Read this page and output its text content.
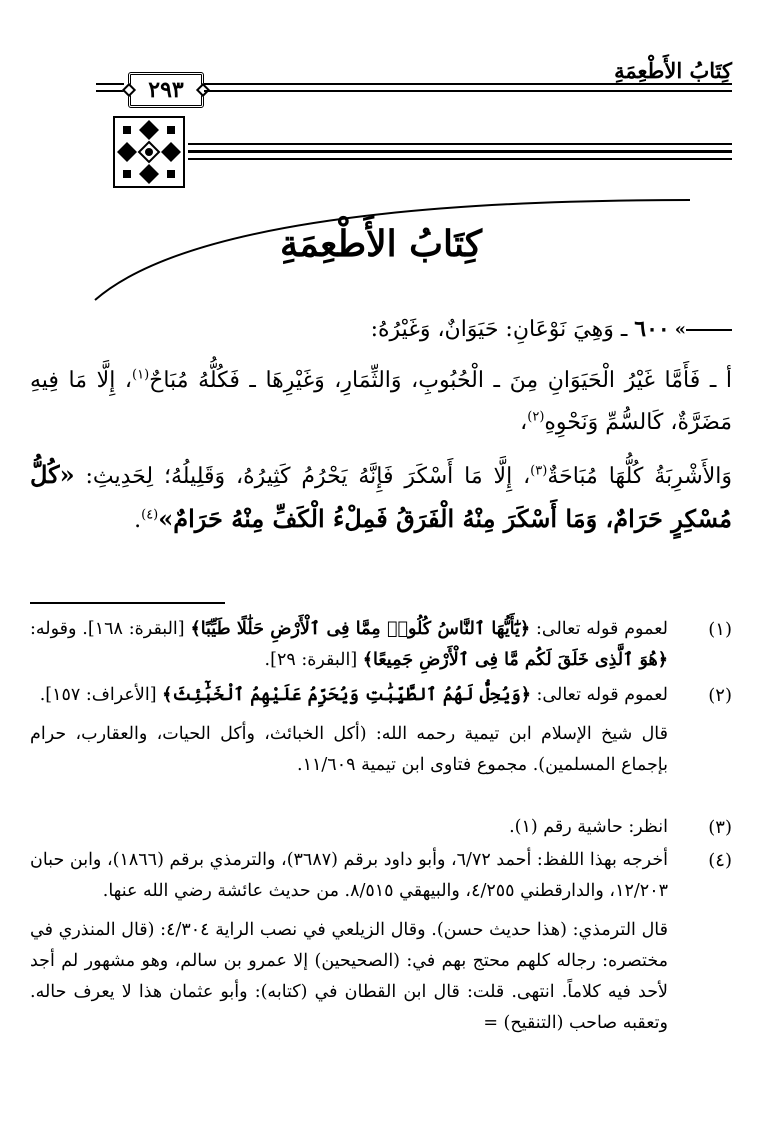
كِتَابُ الأَطْعِمَةِ
٢٩٣
كِتَابُ الأَطْعِمَةِ
«
٦٠٠ ـ وَهِيَ نَوْعَانِ: حَيَوَانٌ، وَغَيْرُهُ:
أ ـ فَأَمَّا غَيْرُ الْحَيَوَانِ مِنَ ـ الْحُبُوبِ، وَالثِّمَارِ، وَغَيْرِهَا ـ فَكُلُّهُ مُبَاحٌ$^{(١)}$، إِلَّا مَا فِيهِ مَضَرَّةٌ، كَالسُّمِّ وَنَحْوِهِ$^{(٢)}$،
وَالأَشْرِبَةُ كُلُّهَا مُبَاحَةٌ$^{(٣)}$، إِلَّا مَا أَسْكَرَ فَإِنَّهُ يَحْرُمُ كَثِيرُهُ، وَقَلِيلُهُ؛ لِحَدِيثِ: «كُلُّ مُسْكِرٍ حَرَامٌ، وَمَا أَسْكَرَ مِنْهُ الْفَرَقُ فَمِلْءُ الْكَفِّ مِنْهُ حَرَامٌ»$^{(٤)}$.
(١)
لعموم قوله تعالى: ﴿يَٰٓأَيُّهَا ٱلنَّاسُ كُلُوا۟ مِمَّا فِى ٱلْأَرْضِ حَلَٰلًا طَيِّبًا﴾ [البقرة: ١٦٨]. وقوله: ﴿هُوَ ٱلَّذِى خَلَقَ لَكُم مَّا فِى ٱلْأَرْضِ جَمِيعًا﴾ [البقرة: ٢٩].
(٢)
لعموم قوله تعالى: ﴿وَيُحِلُّ لَهُمُ ٱلطَّيِّبَٰتِ وَيُحَرِّمُ عَلَيْهِمُ ٱلْخَبَٰٓئِثَ﴾ [الأعراف: ١٥٧].
قال شيخ الإسلام ابن تيمية رحمه الله: (أكل الخبائث، وأكل الحيات، والعقارب، حرام بإجماع المسلمين). مجموع فتاوى ابن تيمية ١١/٦٠٩.
(٣)
انظر: حاشية رقم (١).
(٤)
أخرجه بهذا اللفظ: أحمد ٦/٧٢، وأبو داود برقم (٣٦٨٧)، والترمذي برقم (١٨٦٦)، وابن حبان ١٢/٢٠٣، والدارقطني ٤/٢٥٥، والبيهقي ٨/٥١٥. من حديث عائشة رضي الله عنها.
قال الترمذي: (هذا حديث حسن). وقال الزيلعي في نصب الراية ٤/٣٠٤: (قال المنذري في مختصره: رجاله كلهم محتج بهم في: (الصحيحين) إلا عمرو بن سالم، وهو مشهور لم أجد لأحد فيه كلاماً. انتهى. قلت: قال ابن القطان في (كتابه): وأبو عثمان هذا لا يعرف حاله. وتعقبه صاحب (التنقيح) =
